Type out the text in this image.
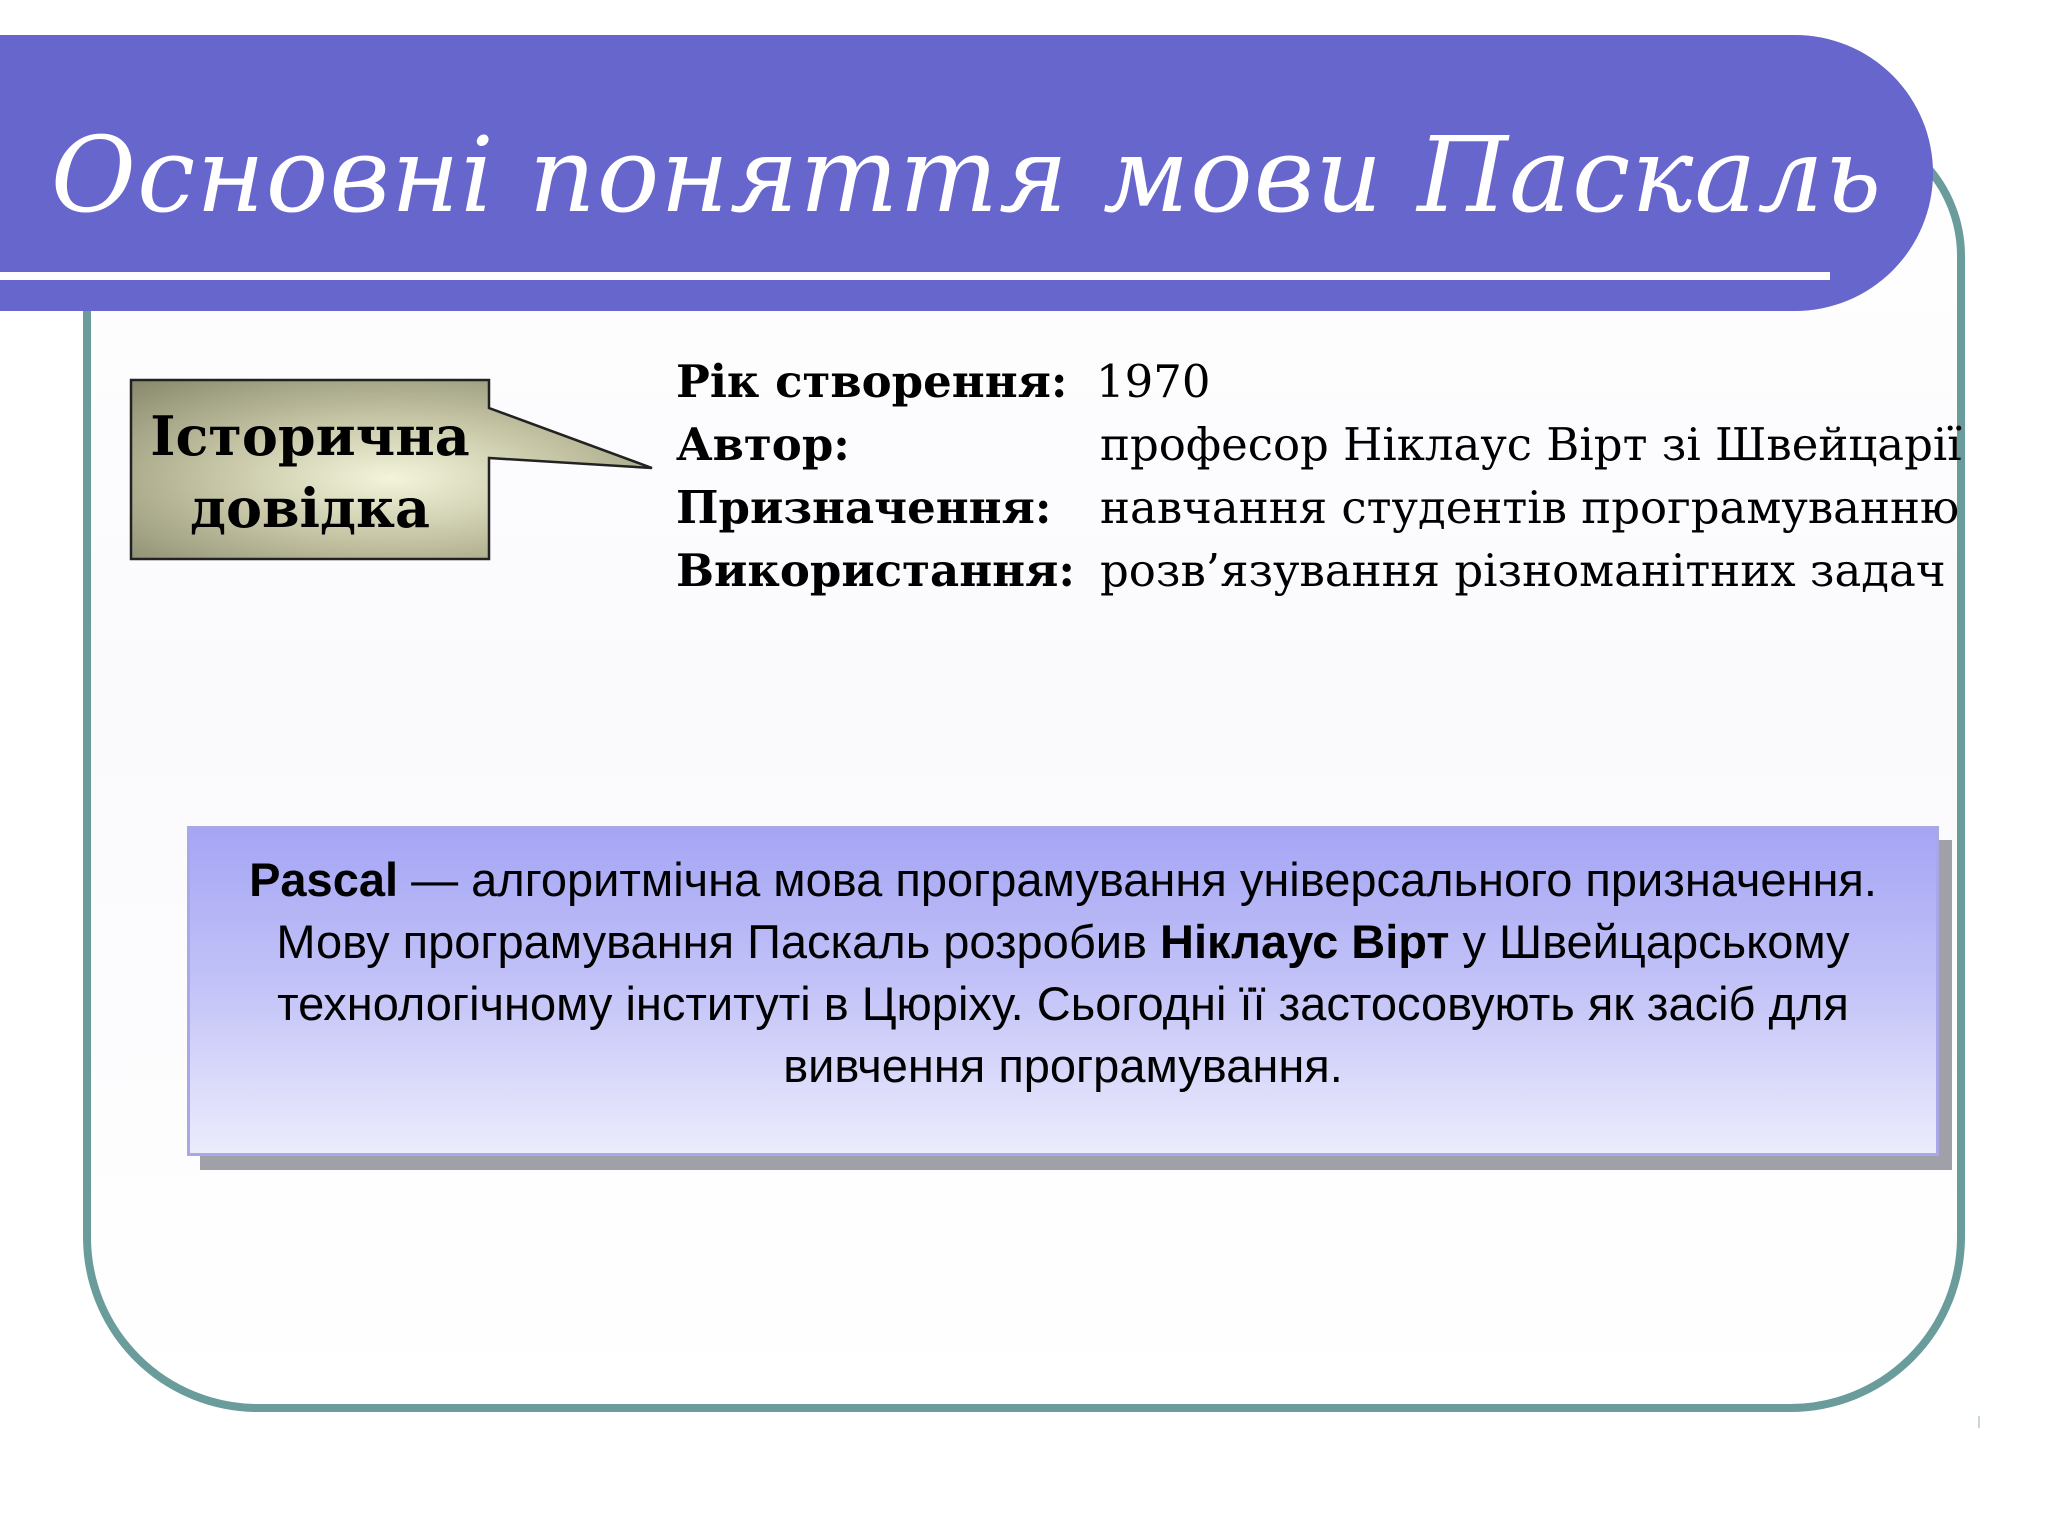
Основні поняття мови Паскаль
Історична
довідка
Рік створення: 1970
Автор:	професор Ніклаус Вірт зі Швейцарії
Призначення: навчання студентів програмуванню
Використання: розв’язування різноманітних задач
Pascal — алгоритмічна мова програмування універсального призначення.
Мову програмування Паскаль розробив Ніклаус Вірт у Швейцарському технологічному інституті в Цюріху. Сьогодні її застосовують як засіб для вивчення програмування.
